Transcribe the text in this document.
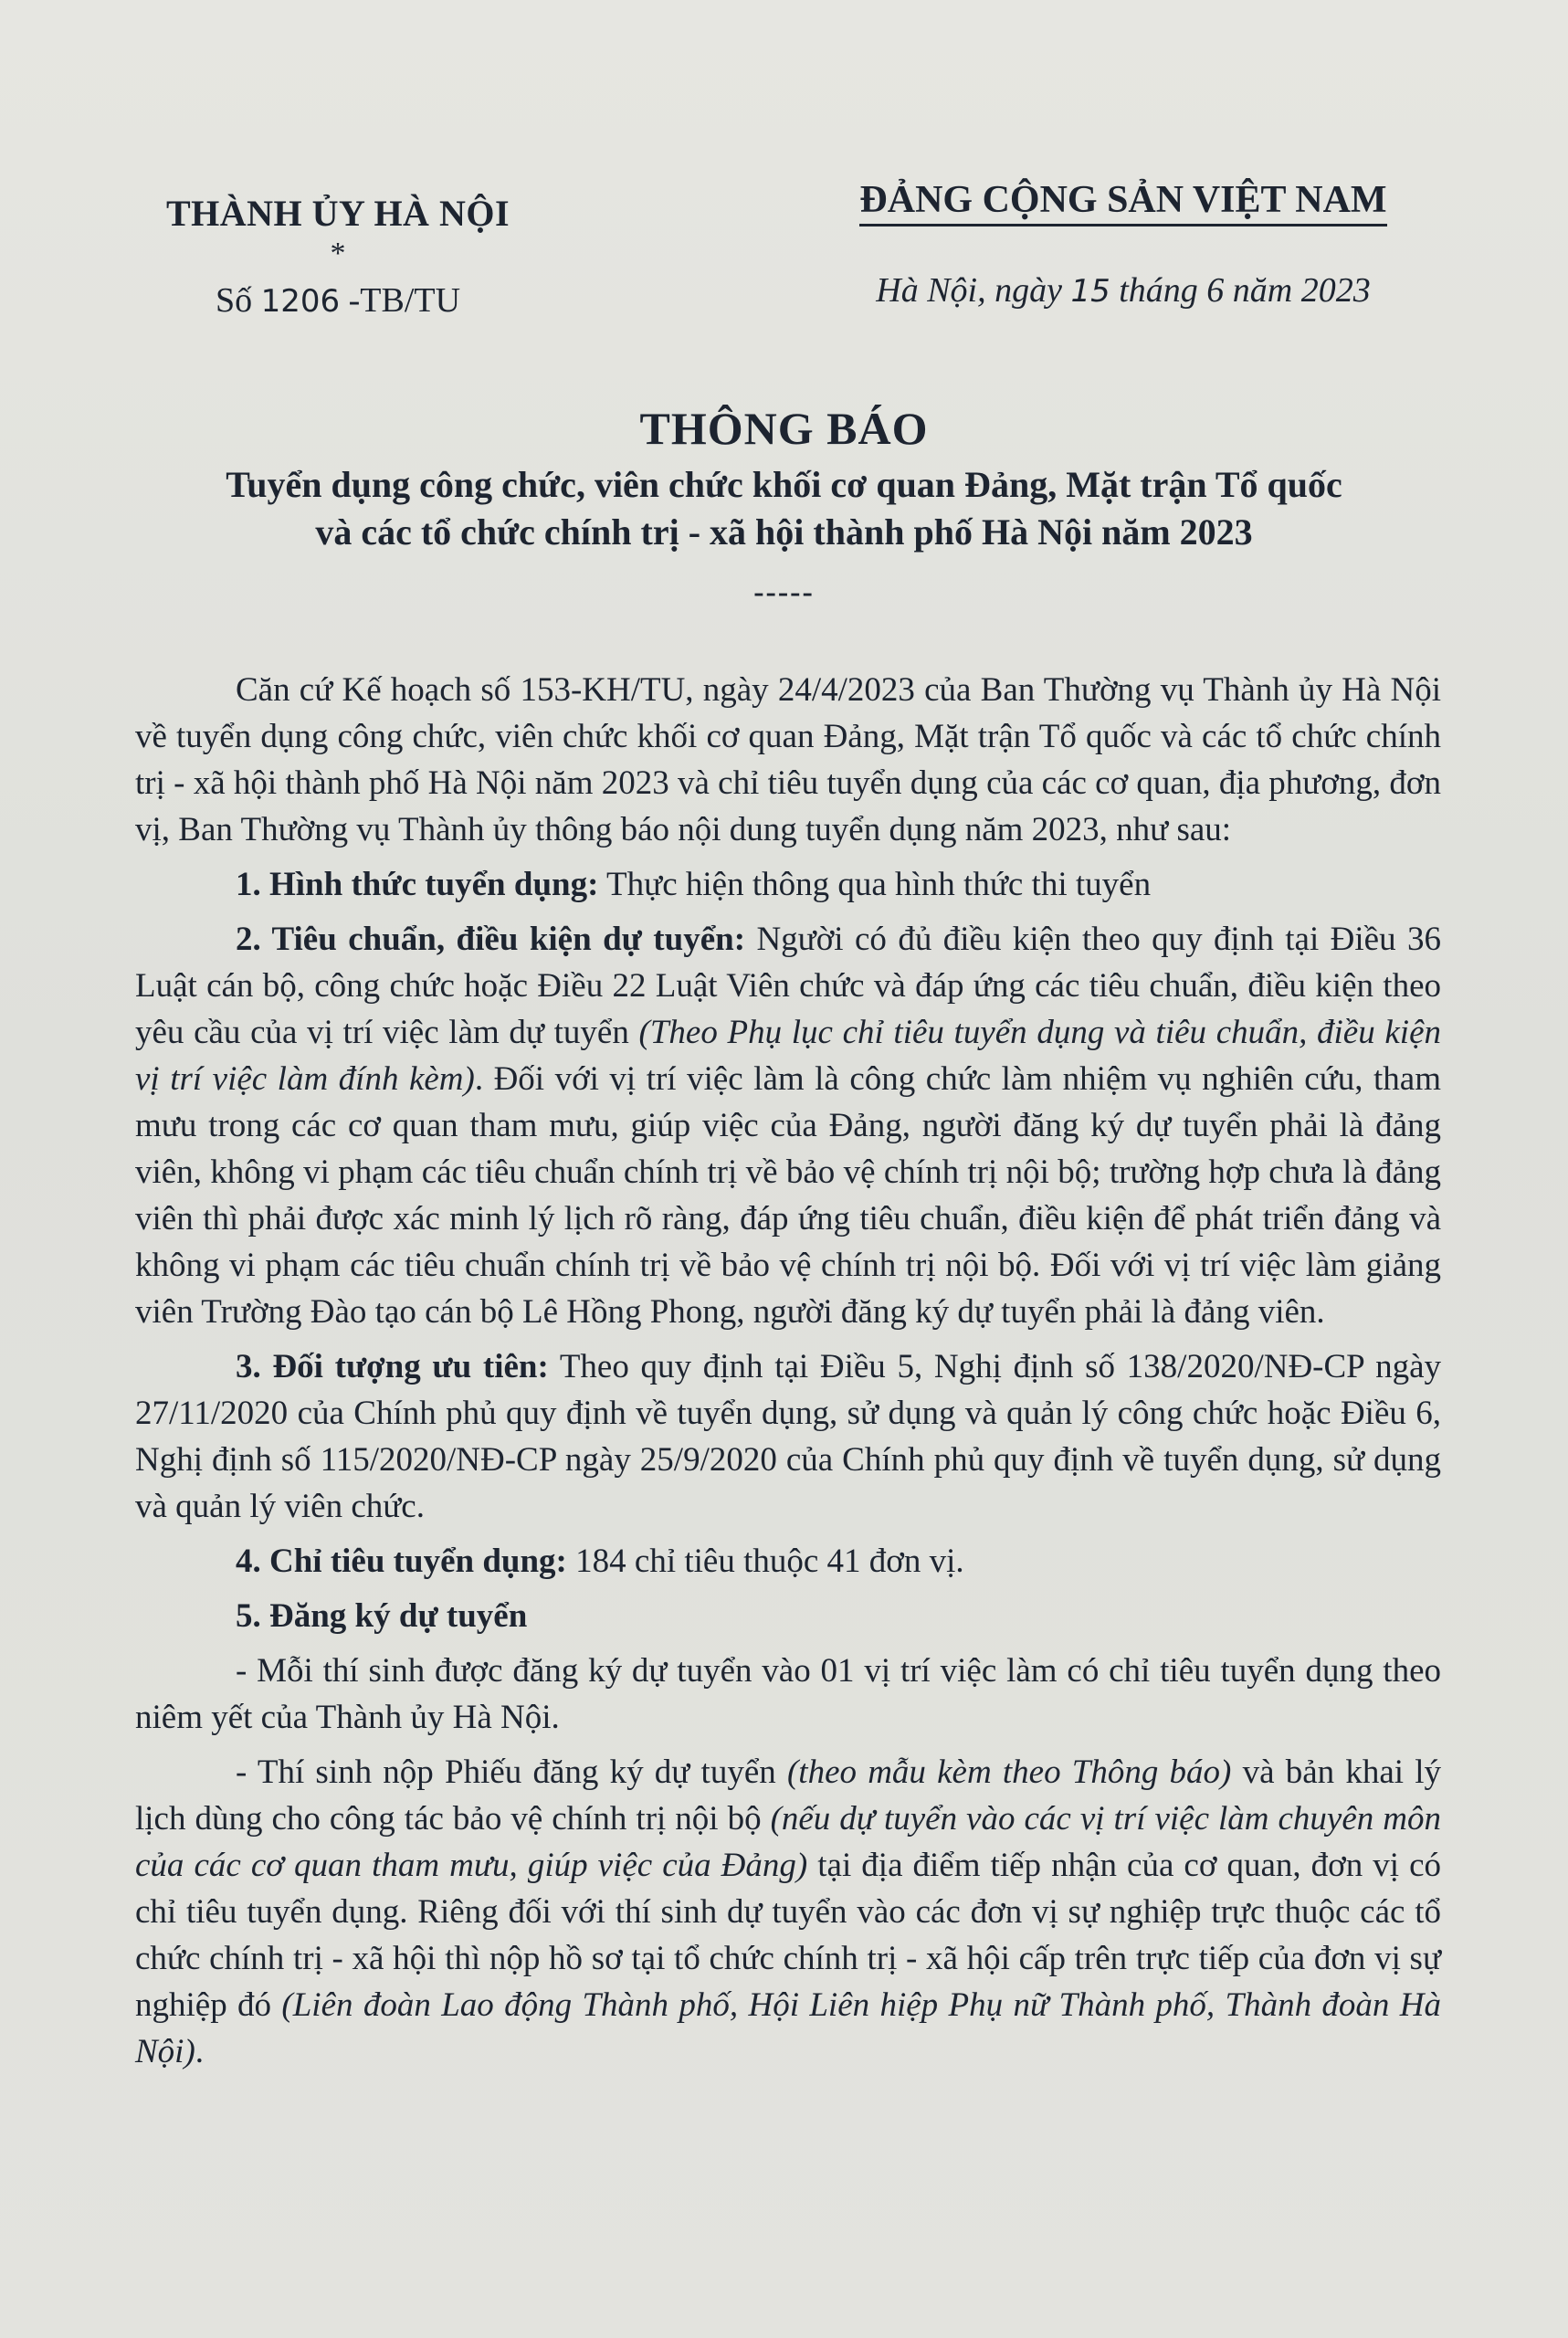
THÀNH ỦY HÀ NỘI
*
Số 1206 -TB/TU
ĐẢNG CỘNG SẢN VIỆT NAM
Hà Nội, ngày 15 tháng 6 năm 2023
THÔNG BÁO
Tuyển dụng công chức, viên chức khối cơ quan Đảng, Mặt trận Tổ quốc
và các tổ chức chính trị - xã hội thành phố Hà Nội năm 2023
-----

Căn cứ Kế hoạch số 153-KH/TU, ngày 24/4/2023 của Ban Thường vụ Thành ủy Hà Nội về tuyển dụng công chức, viên chức khối cơ quan Đảng, Mặt trận Tổ quốc và các tổ chức chính trị - xã hội thành phố Hà Nội năm 2023 và chỉ tiêu tuyển dụng của các cơ quan, địa phương, đơn vị, Ban Thường vụ Thành ủy thông báo nội dung tuyển dụng năm 2023, như sau:

1. Hình thức tuyển dụng: Thực hiện thông qua hình thức thi tuyển

2. Tiêu chuẩn, điều kiện dự tuyển: Người có đủ điều kiện theo quy định tại Điều 36 Luật cán bộ, công chức hoặc Điều 22 Luật Viên chức và đáp ứng các tiêu chuẩn, điều kiện theo yêu cầu của vị trí việc làm dự tuyển (Theo Phụ lục chỉ tiêu tuyển dụng và tiêu chuẩn, điều kiện vị trí việc làm đính kèm). Đối với vị trí việc làm là công chức làm nhiệm vụ nghiên cứu, tham mưu trong các cơ quan tham mưu, giúp việc của Đảng, người đăng ký dự tuyển phải là đảng viên, không vi phạm các tiêu chuẩn chính trị về bảo vệ chính trị nội bộ; trường hợp chưa là đảng viên thì phải được xác minh lý lịch rõ ràng, đáp ứng tiêu chuẩn, điều kiện để phát triển đảng và không vi phạm các tiêu chuẩn chính trị về bảo vệ chính trị nội bộ. Đối với vị trí việc làm giảng viên Trường Đào tạo cán bộ Lê Hồng Phong, người đăng ký dự tuyển phải là đảng viên.

3. Đối tượng ưu tiên: Theo quy định tại Điều 5, Nghị định số 138/2020/NĐ-CP ngày 27/11/2020 của Chính phủ quy định về tuyển dụng, sử dụng và quản lý công chức hoặc Điều 6, Nghị định số 115/2020/NĐ-CP ngày 25/9/2020 của Chính phủ quy định về tuyển dụng, sử dụng và quản lý viên chức.

4. Chỉ tiêu tuyển dụng: 184 chỉ tiêu thuộc 41 đơn vị.

5. Đăng ký dự tuyển

- Mỗi thí sinh được đăng ký dự tuyển vào 01 vị trí việc làm có chỉ tiêu tuyển dụng theo niêm yết của Thành ủy Hà Nội.

- Thí sinh nộp Phiếu đăng ký dự tuyển (theo mẫu kèm theo Thông báo) và bản khai lý lịch dùng cho công tác bảo vệ chính trị nội bộ (nếu dự tuyển vào các vị trí việc làm chuyên môn của các cơ quan tham mưu, giúp việc của Đảng) tại địa điểm tiếp nhận của cơ quan, đơn vị có chỉ tiêu tuyển dụng. Riêng đối với thí sinh dự tuyển vào các đơn vị sự nghiệp trực thuộc các tổ chức chính trị - xã hội thì nộp hồ sơ tại tổ chức chính trị - xã hội cấp trên trực tiếp của đơn vị sự nghiệp đó (Liên đoàn Lao động Thành phố, Hội Liên hiệp Phụ nữ Thành phố, Thành đoàn Hà Nội).
